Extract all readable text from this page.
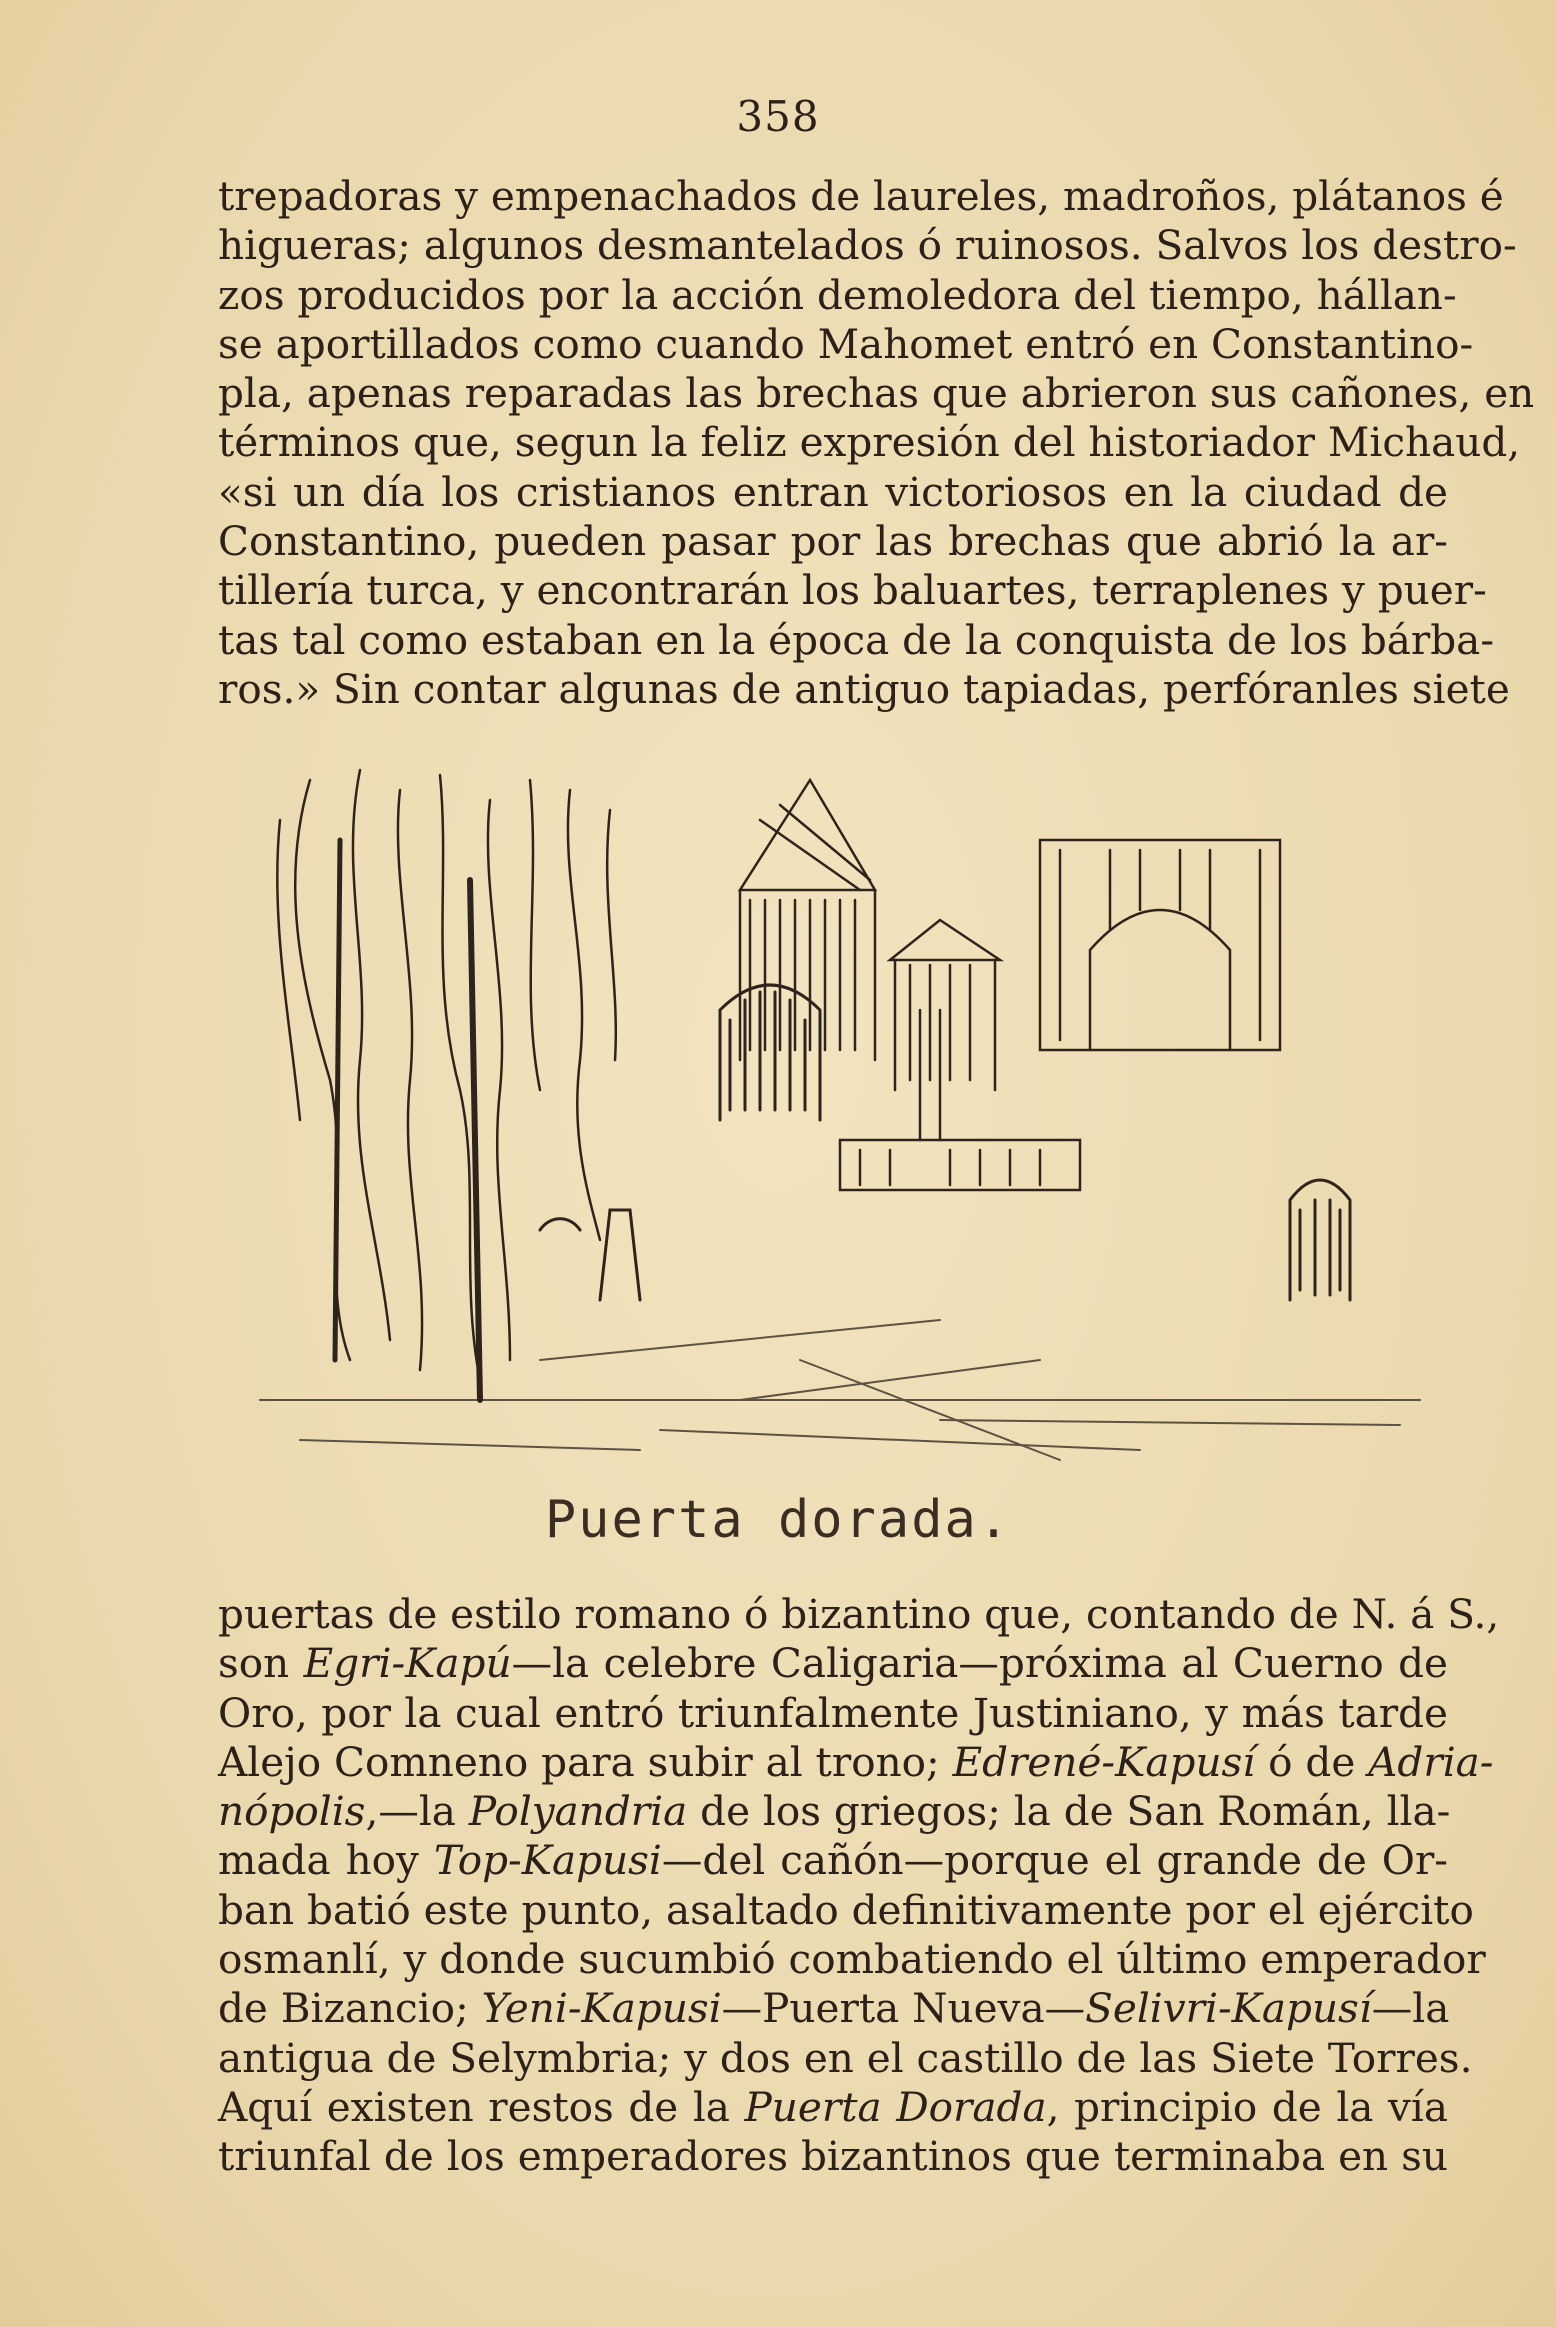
358
trepadoras y empenachados de laureles, madroños, plátanos é
higueras; algunos desmantelados ó ruinosos. Salvos los destro-
zos producidos por la acción demoledora del tiempo, hállan-
se aportillados como cuando Mahomet entró en Constantino-
pla, apenas reparadas las brechas que abrieron sus cañones, en
términos que, segun la feliz expresión del historiador Michaud,
«si un día los cristianos entran victoriosos en la ciudad de
Constantino, pueden pasar por las brechas que abrió la ar-
tillería turca, y encontrarán los baluartes, terraplenes y puer-
tas tal como estaban en la época de la conquista de los bárba-
ros.» Sin contar algunas de antiguo tapiadas, perfóranles siete
Puerta dorada.
puertas de estilo romano ó bizantino que, contando de N. á S.,
son Egri-Kapú—la celebre Caligaria—próxima al Cuerno de
Oro, por la cual entró triunfalmente Justiniano, y más tarde
Alejo Comneno para subir al trono; Edrené-Kapusí ó de Adria-
nópolis,—la Polyandria de los griegos; la de San Román, lla-
mada hoy Top-Kapusi—del cañón—porque el grande de Or-
ban batió este punto, asaltado definitivamente por el ejército
osmanlí, y donde sucumbió combatiendo el último emperador
de Bizancio; Yeni-Kapusi—Puerta Nueva—Selivri-Kapusí—la
antigua de Selymbria; y dos en el castillo de las Siete Torres.
Aquí existen restos de la Puerta Dorada, principio de la vía
triunfal de los emperadores bizantinos que terminaba en su
